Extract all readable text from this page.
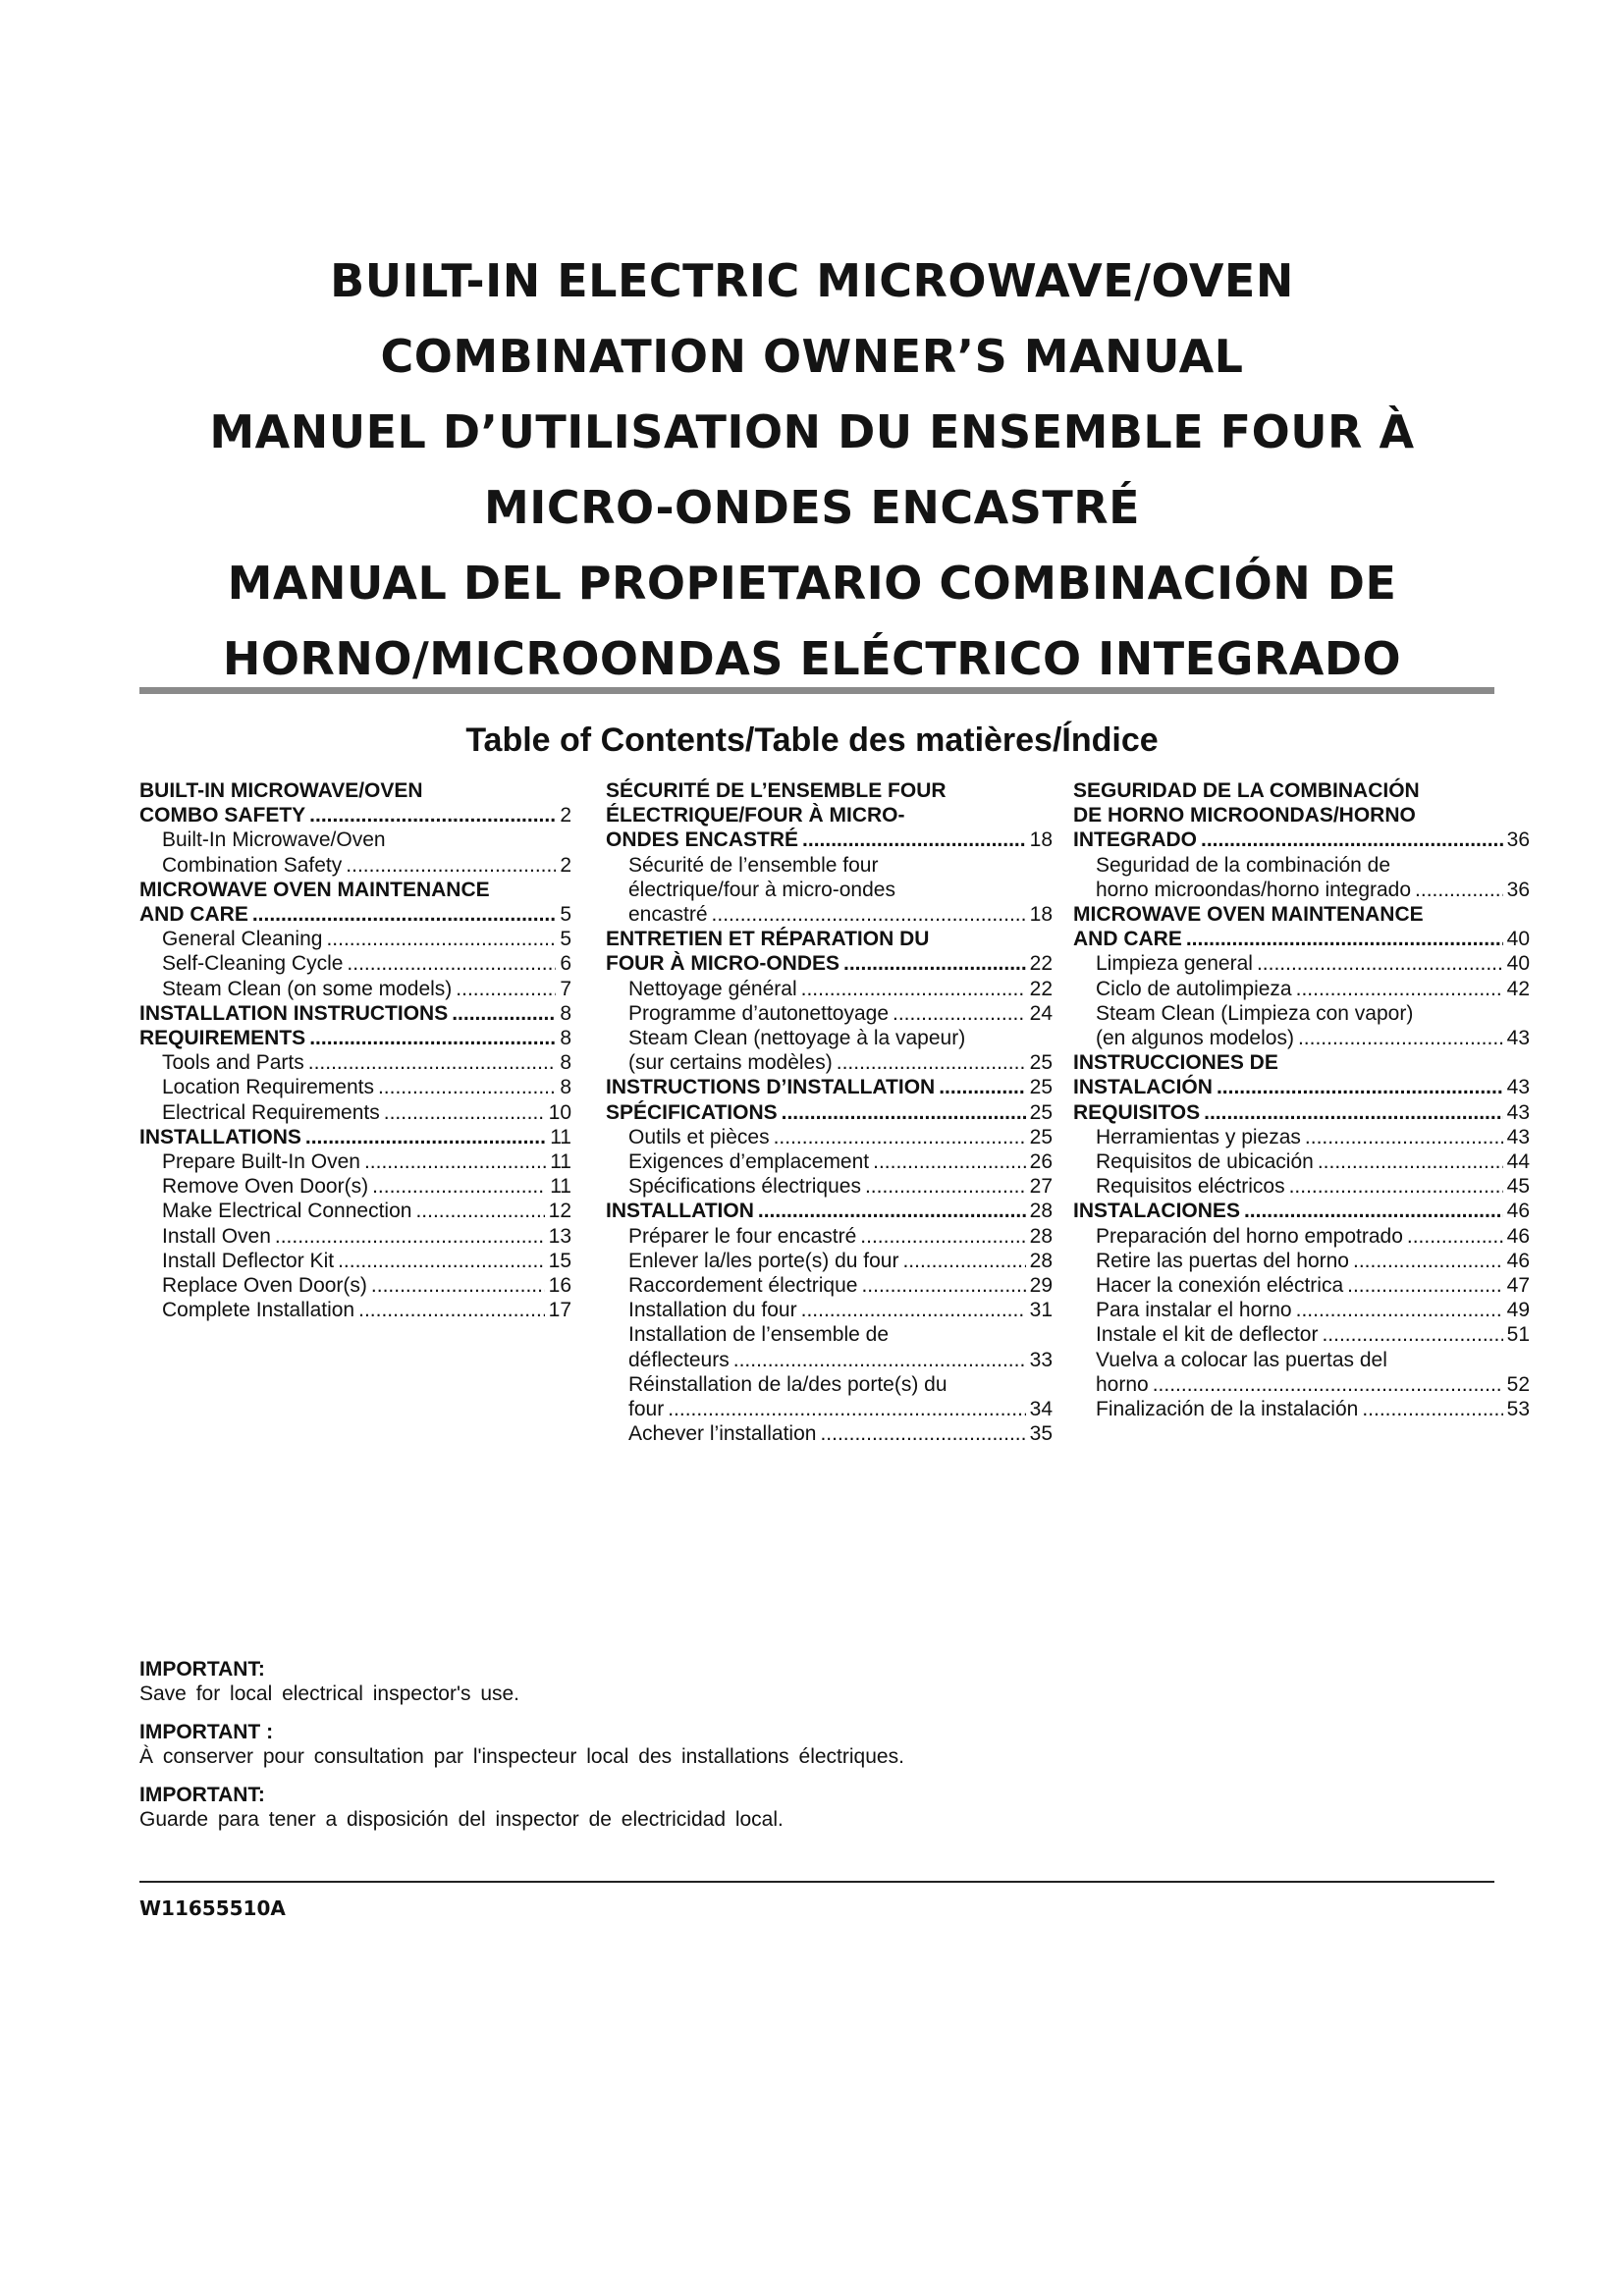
BUILT-IN ELECTRIC MICROWAVE/OVEN
COMBINATION OWNER’S MANUAL
MANUEL D’UTILISATION DU ENSEMBLE FOUR À
MICRO-ONDES ENCASTRÉ
MANUAL DEL PROPIETARIO COMBINACIÓN DE
HORNO/MICROONDAS ELÉCTRICO INTEGRADO
Table of Contents/Table des matières/Índice
BUILT-IN MICROWAVE/OVEN
COMBO SAFETY .....	2
Built-In Microwave/Oven
Combination Safety .....	2
MICROWAVE OVEN MAINTENANCE
AND CARE .....	5
General Cleaning .....	5
Self-Cleaning Cycle .....	6
Steam Clean (on some models) .....	7
INSTALLATION INSTRUCTIONS .....	8
REQUIREMENTS .....	8
Tools and Parts .....	8
Location Requirements .....	8
Electrical Requirements .....	10
INSTALLATIONS .....	11
Prepare Built-In Oven .....	11
Remove Oven Door(s) .....	11
Make Electrical Connection .....	12
Install Oven .....	13
Install Deflector Kit .....	15
Replace Oven Door(s) .....	16
Complete Installation .....	17
SÉCURITÉ DE L’ENSEMBLE FOUR
ÉLECTRIQUE/FOUR À MICRO-
ONDES ENCASTRÉ .....	18
Sécurité de l’ensemble four
électrique/four à micro-ondes
encastré .....	18
ENTRETIEN ET RÉPARATION DU
FOUR À MICRO-ONDES .....	22
Nettoyage général .....	22
Programme d’autonettoyage .....	24
Steam Clean (nettoyage à la vapeur)
(sur certains modèles) .....	25
INSTRUCTIONS D’INSTALLATION .....	25
SPÉCIFICATIONS .....	25
Outils et pièces .....	25
Exigences d’emplacement .....	26
Spécifications électriques .....	27
INSTALLATION .....	28
Préparer le four encastré .....	28
Enlever la/les porte(s) du four .....	28
Raccordement électrique .....	29
Installation du four .....	31
Installation de l’ensemble de
déflecteurs .....	33
Réinstallation de la/des porte(s) du
four .....	34
Achever l’installation .....	35
SEGURIDAD DE LA COMBINACIÓN
DE HORNO MICROONDAS/HORNO
INTEGRADO .....	36
Seguridad de la combinación de
horno microondas/horno integrado .....	36
MICROWAVE OVEN MAINTENANCE
AND CARE .....	40
Limpieza general .....	40
Ciclo de autolimpieza .....	42
Steam Clean (Limpieza con vapor)
(en algunos modelos) .....	43
INSTRUCCIONES DE
INSTALACIÓN .....	43
REQUISITOS .....	43
Herramientas y piezas .....	43
Requisitos de ubicación .....	44
Requisitos eléctricos .....	45
INSTALACIONES .....	46
Preparación del horno empotrado .....	46
Retire las puertas del horno .....	46
Hacer la conexión eléctrica .....	47
Para instalar el horno .....	49
Instale el kit de deflector .....	51
Vuelva a colocar las puertas del
horno .....	52
Finalización de la instalación .....	53
IMPORTANT:
Save for local electrical inspector's use.
IMPORTANT :
À conserver pour consultation par l'inspecteur local des installations électriques.
IMPORTANT:
Guarde para tener a disposición del inspector de electricidad local.
W11655510A
